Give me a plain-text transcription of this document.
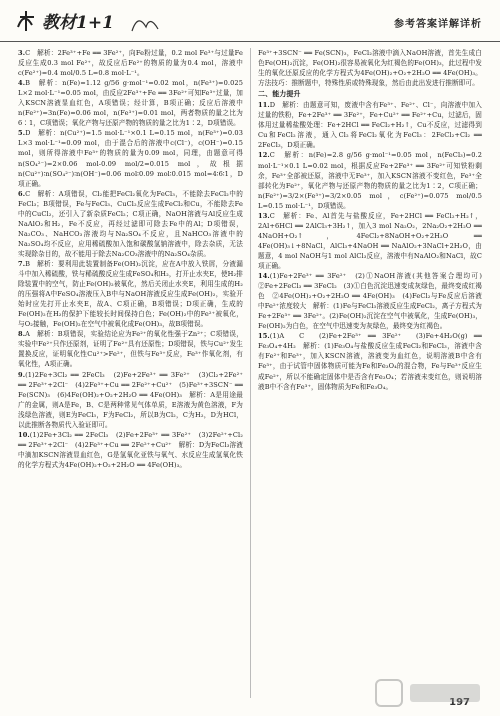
教材1+1	参考答案详解详析
3.C　解析：2Fe³⁺+Fe ══ 3Fe²⁺，向Fe粉过量，0.2 mol Fe³⁺与过量Fe反应生成0.3 mol Fe²⁺，故反应后Fe²⁺的物质的量为0.4 mol，溶液中c(Fe²⁺)=0.4 mol/0.5 L=0.8 mol·L⁻¹。
4.B　解析：n(Fe)=1.12 g/56 g·mol⁻¹=0.02 mol，n(Fe³⁺)=0.025 L×2 mol·L⁻¹=0.05 mol，由反应2Fe³⁺+Fe ══ 3Fe²⁺可知Fe³⁺过量，加入KSCN溶液显血红色，A项错误；经计算，B项正确；反应后溶液中n(Fe²⁺)=3n(Fe)=0.06 mol，n(Fe³⁺)=0.01 mol，两者物质的量之比为6∶1，C项错误；氧化产物与还原产物的物质的量之比为1∶2，D项错误。
5.D　解析：n(Cu²⁺)=1.5 mol·L⁻¹×0.1 L=0.15 mol，n(Fe³⁺)=0.03 L×3 mol·L⁻¹=0.09 mol，由于混合后的溶液中c(Cl⁻)，c(OH⁻)=0.15 mol，则所得溶液中Fe³⁺的物质的量为0.09 mol，同理，由题意可得n(SO₄²⁻)=2×0.06 mol-0.09 mol/2=0.015 mol，故根据n(Cu²⁺)∶n(SO₄²⁻)∶n(OH⁻)=0.06 mol∶0.09 mol∶0.015 mol=4∶6∶1，D项正确。
6.C　解析：A项错误，Cl₂能把FeCl₂氧化为FeCl₃，不能除去FeCl₂中的FeCl₃；B项错误，Fe与FeCl₃、CuCl₂反应生成FeCl₂和Cu，不能除去Fe中的CuCl₂，还引入了新杂质FeCl₂；C项正确，NaOH溶液与Al反应生成NaAlO₂和H₂，Fe不反应，再经过滤即可除去Fe中的Al；D项错误，Na₂CO₃、NaHCO₃溶液均与Na₂SO₄不反应，且NaHCO₃溶液中的Na₂SO₄均不反应，应用稀硫酸加入饱和碳酸氢钠溶液中，除去杂质，无法实现除杂目的，故不能用于除去Na₂CO₃溶液中的Na₂SO₄杂质。
7.B　解析：要利用此装置制备Fe(OH)₂沉淀，应在A中放入铁屑，分液漏斗中加入稀硫酸，铁与稀硫酸反应生成FeSO₄和H₂，打开止水夹E，使H₂排除装置中的空气，防止Fe(OH)₂被氧化，然后关闭止水夹E，利用生成的H₂的压强将A中FeSO₄溶液压入B中与NaOH溶液反应生成Fe(OH)₂，实验开始时应先打开止水夹E，故A、C项正确，B项错误；D项正确，生成的Fe(OH)₂在H₂的保护下能较长时间保持白色；Fe(OH)₂中的Fe²⁺被氧化，与O₂接触，Fe(OH)₂在空气中被氧化成Fe(OH)₃，故B项错误。
8.A　解析：B项错误，实验结论应为Fe²⁺的氧化性强于Zn²⁺；C项错误，实验中Fe²⁺只作还原剂，证明了Fe²⁺具有还原性；D项错误，铁与Cu²⁺发生置换反应，证明氧化性Cu²⁺>Fe²⁺，但铁与Fe³⁺反应，Fe³⁺作氧化剂，有氧化性，A项正确。
9.(1)2Fe+3Cl₂ ══ 2FeCl₃　(2)Fe+2Fe³⁺ ══ 3Fe²⁺　(3)Cl₂+2Fe²⁺ ══ 2Fe³⁺+2Cl⁻　(4)2Fe³⁺+Cu ══ 2Fe²⁺+Cu²⁺　(5)Fe³⁺+3SCN⁻ ══ Fe(SCN)₃　(6)4Fe(OH)₂+O₂+2H₂O ══ 4Fe(OH)₃　解析：A是用途最广的金属，则A是Fe，B、C是两种常见气体单质，E溶液为黄色溶液，F为浅绿色溶液，则E为FeCl₃，F为FeCl₂，所以B为Cl₂，C为H₂，D为HCl，以此推断各物质代入验证即可。
10.(1)2Fe+3Cl₂ ══ 2FeCl₃　(2)Fe+2Fe³⁺ ══ 3Fe²⁺　(3)2Fe²⁺+Cl₂ ══ 2Fe³⁺+2Cl⁻　(4)2Fe³⁺+Cu ══ 2Fe²⁺+Cu²⁺　解析：D为FeCl₃溶液中滴加KSCN溶液显血红色，G是氢氧化亚铁与氧气、水反应生成氢氧化铁的化学方程式为4Fe(OH)₂+O₂+2H₂O ══ 4Fe(OH)₃。
Fe³⁺+3SCN⁻ ══ Fe(SCN)₃，FeCl₂溶液中滴入NaOH溶液，首先生成白色Fe(OH)₂沉淀，Fe(OH)₂很容易被氧化为红褐色的Fe(OH)₃，此过程中发生的氧化还原反应的化学方程式为4Fe(OH)₂+O₂+2H₂O ══ 4Fe(OH)₃。方法技巧：推断题中，特殊性质或特殊现象，然后由此出发进行推断即可。
二、能力提升
11.D　解析：由题意可知，废液中含有Fe³⁺、Fe²⁺、Cl⁻，向溶液中加入过量的铁粉，Fe+2Fe³⁺ ══ 3Fe²⁺，Fe+Cu²⁺ ══ Fe²⁺+Cu，过滤后，固体用过量稀盐酸处理：Fe+2HCl ══ FeCl₂+H₂↑，Cu不反应，过滤得到Cu和FeCl₂溶液，通入Cl₂将FeCl₂氧化为FeCl₃：2FeCl₂+Cl₂ ══ 2FeCl₃，D项正确。
12.C　解析：n(Fe)=2.8 g/56 g·mol⁻¹=0.05 mol，n(FeCl₃)=0.2 mol·L⁻¹×0.1 L=0.02 mol，根据反应Fe+2Fe³⁺ ══ 3Fe²⁺可知铁粉剩余，Fe³⁺全部被还原，溶液中无Fe³⁺，加入KSCN溶液不变红色，Fe³⁺全部转化为Fe²⁺，氧化产物与还原产物的物质的量之比为1∶2，C项正确；n(Fe²⁺)=3/2×(Fe³⁺)=3/2×0.05 mol，c(Fe²⁺)=0.075 mol/0.5 L=0.15 mol·L⁻¹，D项错误。
13.C　解析：Fe、Al首先与盐酸反应，Fe+2HCl ══ FeCl₂+H₂↑，2Al+6HCl ══ 2AlCl₃+3H₂↑，加入3 mol Na₂O₂，2Na₂O₂+2H₂O ══ 4NaOH+O₂↑，4FeCl₂+8NaOH+O₂+2H₂O ══ 4Fe(OH)₃↓+8NaCl，AlCl₃+4NaOH ══ NaAlO₂+3NaCl+2H₂O，由题意，4 mol NaOH与1 mol AlCl₃反应，溶液中有NaAlO₂和NaCl，故C项正确。
14.(1)Fe+2Fe³⁺ ══ 3Fe²⁺　(2)①NaOH溶液(其他答案合理均可)　②Fe+2FeCl₃ ══ 3FeCl₂　(3)①白色沉淀迅速变成灰绿色，最终变成红褐色　②4Fe(OH)₂+O₂+2H₂O ══ 4Fe(OH)₃　(4)FeCl₂与Fe反应后溶液中Fe²⁺浓度较大　解析：(1)Fe与FeCl₃溶液反应生成FeCl₂，离子方程式为Fe+2Fe³⁺ ══ 3Fe²⁺。(2)Fe(OH)₂沉淀在空气中被氧化，生成Fe(OH)₃，Fe(OH)₂为白色，在空气中迅速变为灰绿色，最终变为红褐色。
15.(1)A　C　(2)Fe+2Fe³⁺ ══ 3Fe²⁺　(3)Fe+4H₂O(g) ══ Fe₃O₄+4H₂　解析：(1)Fe₃O₄与盐酸反应生成FeCl₂和FeCl₃，溶液中含有Fe²⁺和Fe³⁺，加入KSCN溶液，溶液变为血红色，说明溶液B中含有Fe³⁺，由于试管中固体物质可能为Fe和Fe₃O₄的混合物，Fe与Fe³⁺反应生成Fe²⁺，所以不能确定固体中是否含有Fe₃O₄；若溶液未变红色，则说明溶液B中不含有Fe³⁺，固体物质为Fe和Fe₃O₄。
197
